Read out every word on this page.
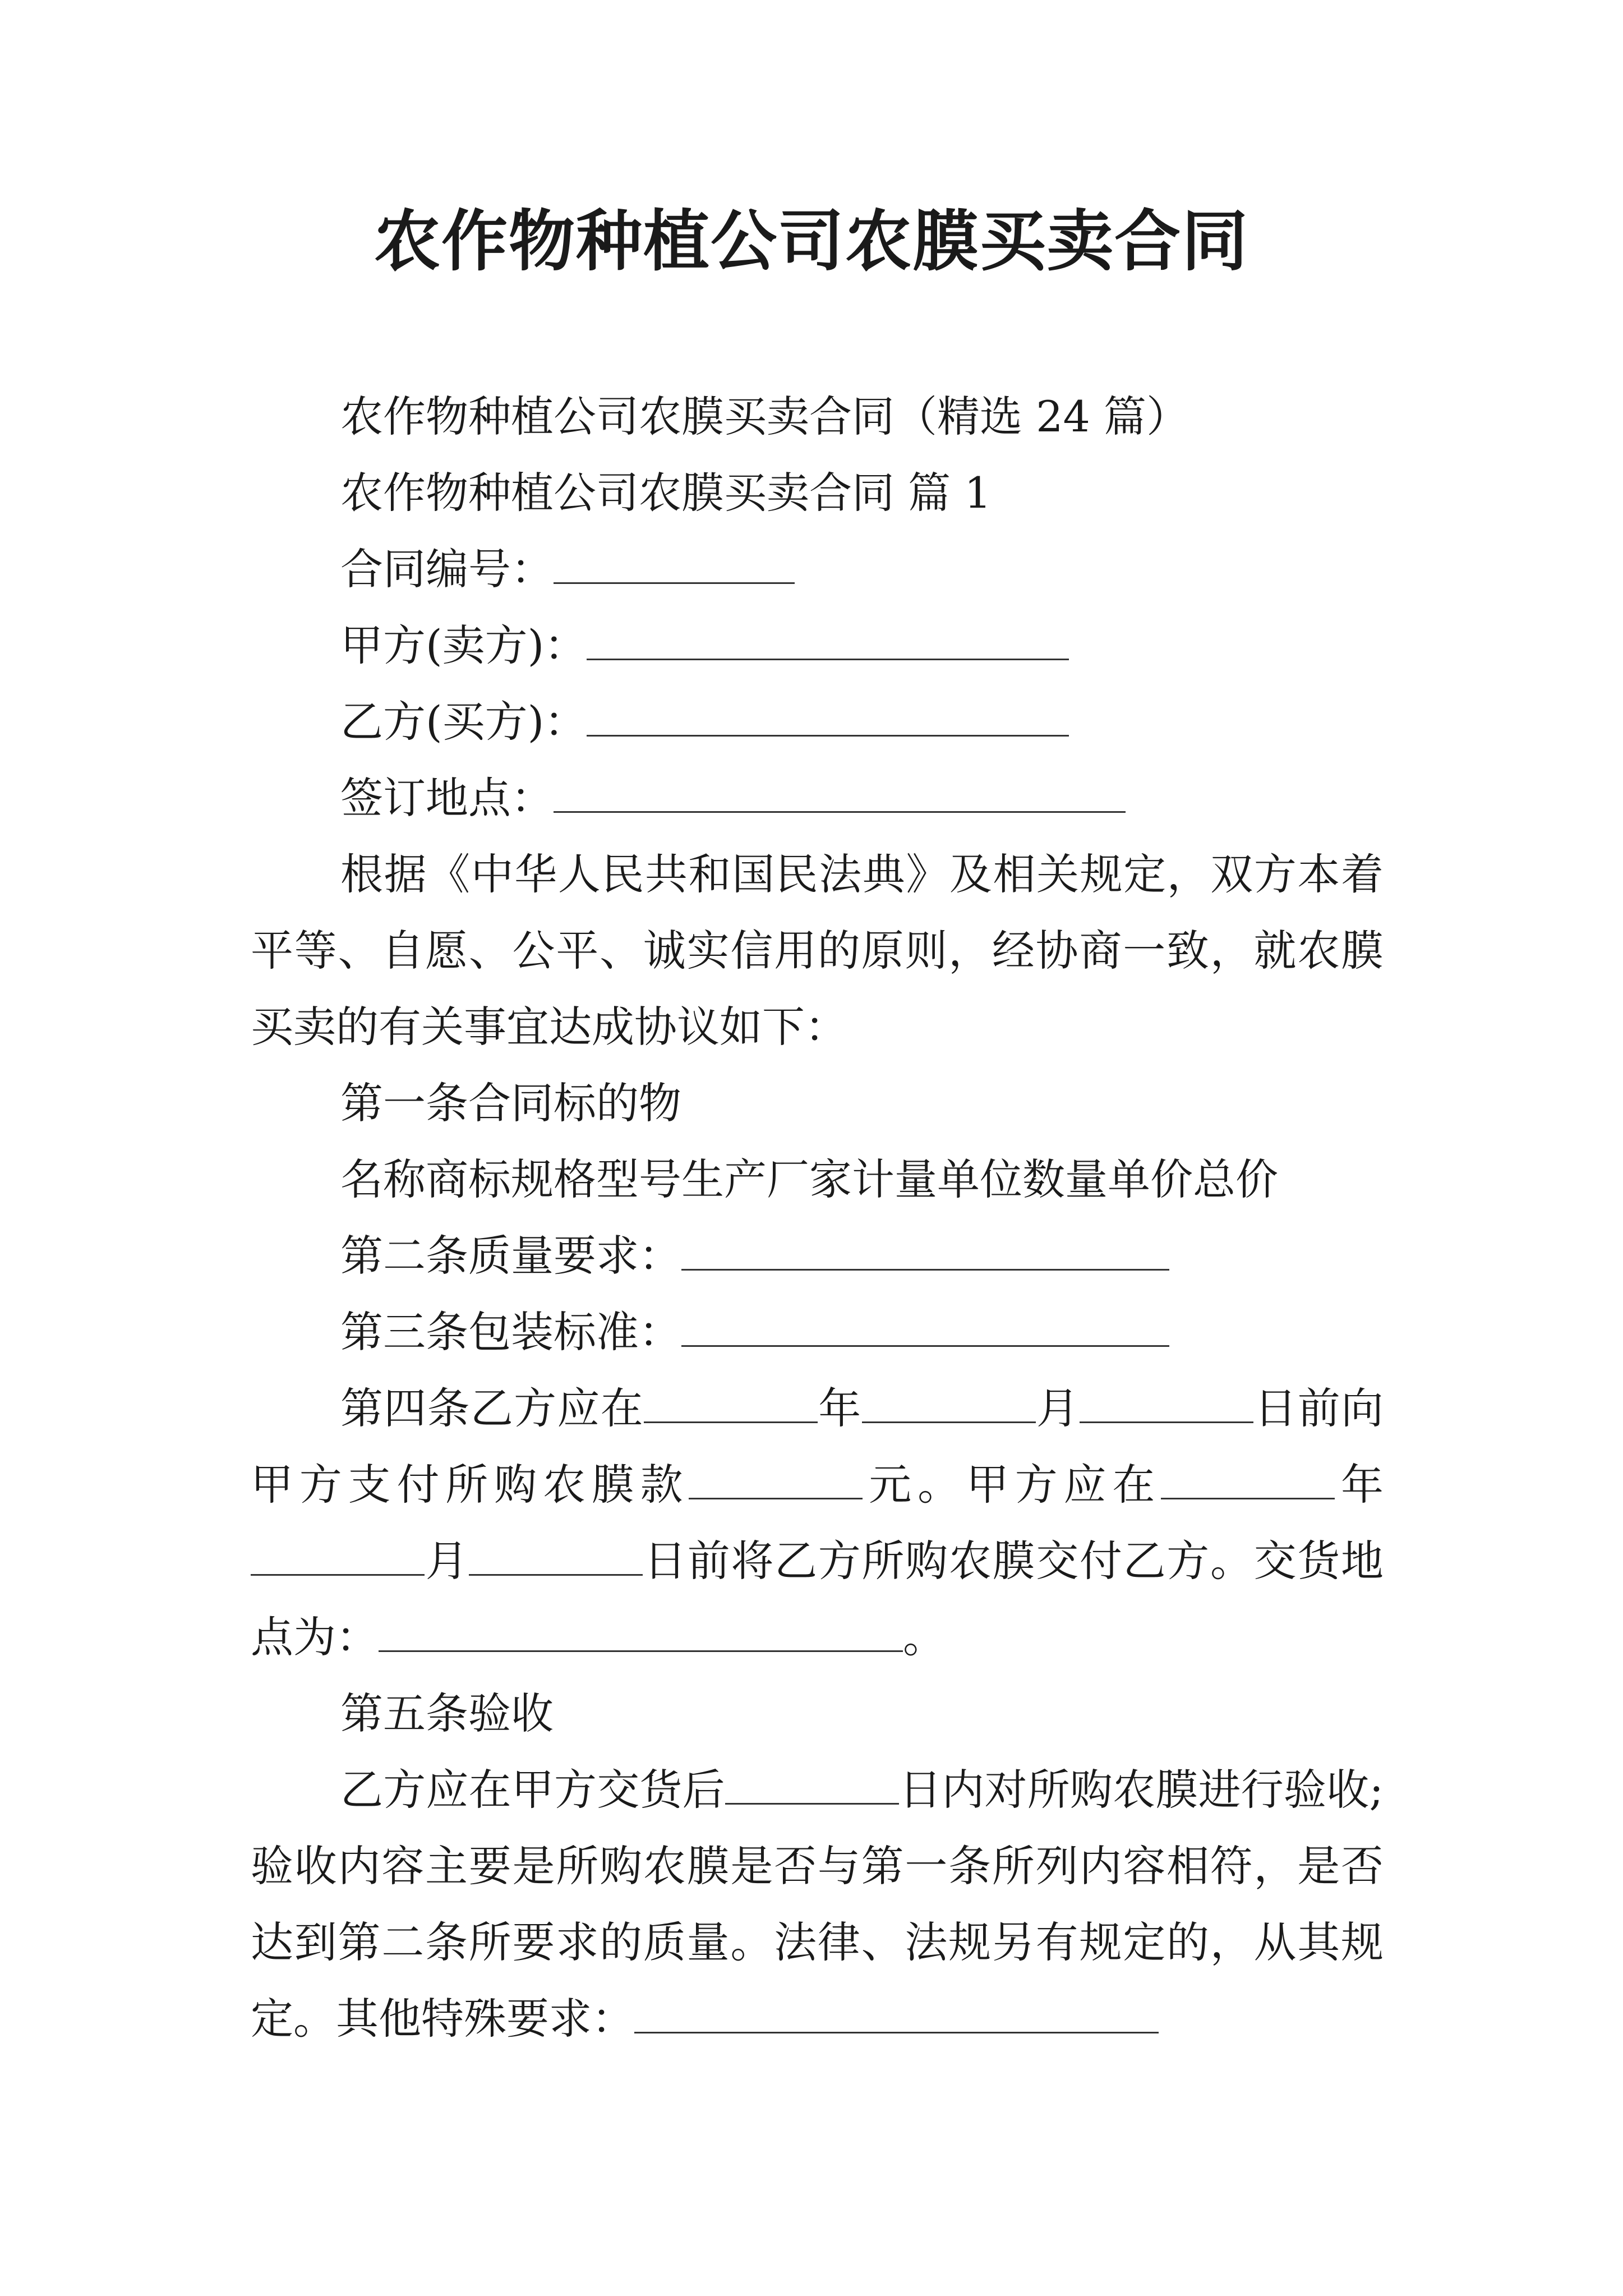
农作物种植公司农膜买卖合同

农作物种植公司农膜买卖合同（精选 24 篇）

农作物种植公司农膜买卖合同 篇 1

合同编号：

甲方(卖方)：

乙方(买方)：

签订地点：

根据《中华人民共和国民法典》及相关规定，双方本着

平等、自愿、公平、诚实信用的原则，经协商一致，就农膜

买卖的有关事宜达成协议如下：

第一条合同标的物

名称商标规格型号生产厂家计量单位数量单价总价

第二条质量要求：

第三条包装标准：

第四条乙方应在	年	月	日前向

甲方支付所购农膜款	元。甲方应在	年

月	日前将乙方所购农膜交付乙方。交货地

点为：	。

第五条验收

乙方应在甲方交货后	日内对所购农膜进行验收;

验收内容主要是所购农膜是否与第一条所列内容相符，是否

达到第二条所要求的质量。法律、法规另有规定的，从其规

定。其他特殊要求：
